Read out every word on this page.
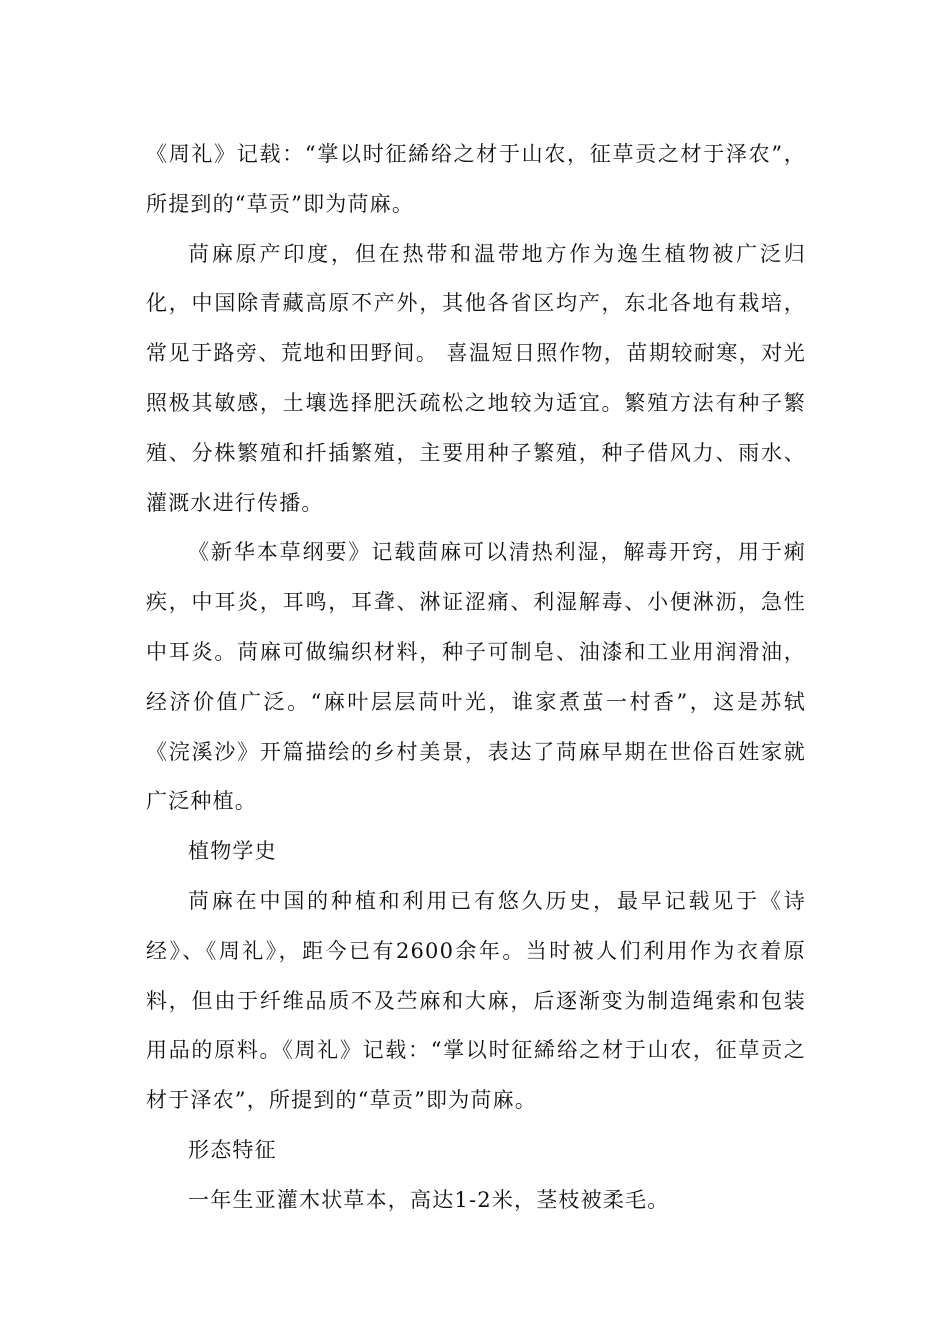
《周礼》记载：“掌以时征絺绤之材于山农，征草贡之材于泽农”，所提到的“草贡”即为苘麻。

苘麻原产印度，但在热带和温带地方作为逸生植物被广泛归化，中国除青藏高原不产外，其他各省区均产，东北各地有栽培，常见于路旁、荒地和田野间。 喜温短日照作物，苗期较耐寒，对光照极其敏感，土壤选择肥沃疏松之地较为适宜。繁殖方法有种子繁殖、分株繁殖和扦插繁殖，主要用种子繁殖，种子借风力、雨水、灌溉水进行传播。

《新华本草纲要》记载茴麻可以清热利湿，解毒开窍，用于痢疾，中耳炎，耳鸣，耳聋、淋证涩痛、利湿解毒、小便淋沥，急性中耳炎。苘麻可做编织材料，种子可制皂、油漆和工业用润滑油，经济价值广泛。“麻叶层层苘叶光，谁家煮茧一村香”，这是苏轼《浣溪沙》开篇描绘的乡村美景，表达了苘麻早期在世俗百姓家就广泛种植。

植物学史

苘麻在中国的种植和利用已有悠久历史，最早记载见于《诗经》、《周礼》，距今已有2600余年。当时被人们利用作为衣着原料，但由于纤维品质不及苎麻和大麻，后逐渐变为制造绳索和包装用品的原料。《周礼》记载：“掌以时征絺绤之材于山农，征草贡之材于泽农”，所提到的“草贡”即为苘麻。

形态特征

一年生亚灌木状草本，高达1-2米，茎枝被柔毛。
